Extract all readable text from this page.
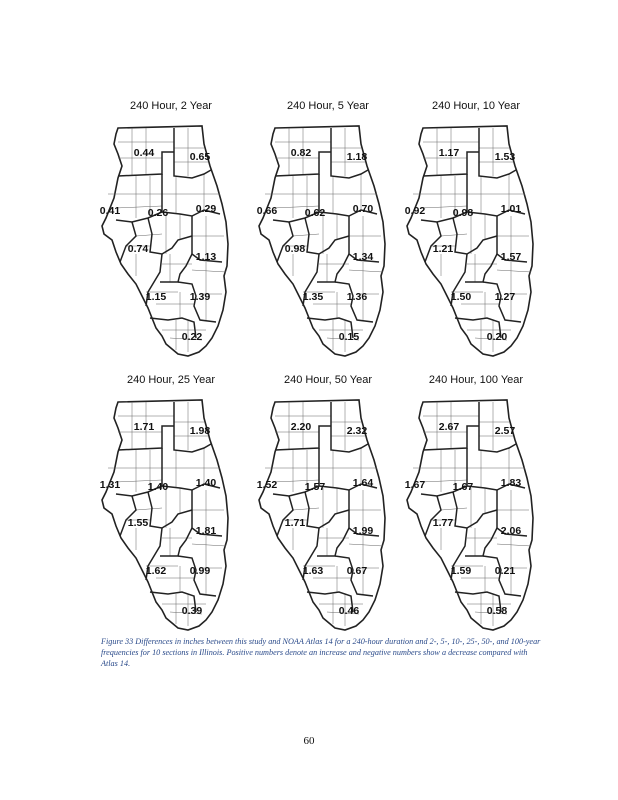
240 Hour, 2 Year
0.44	0.65
0.41	0.26	0.29
0.74
1.13
1.15 1.39
0.22
240 Hour, 5 Year
0.82	1.18
0.66	0.62	0.70
0.98
1.34
1.35 1.36
0.15
240 Hour, 10 Year
1.17	1.53
0.92	0.98	1.01
1.21
1.57
1.50 1.27
0.20
240 Hour, 25 Year
1.71	1.98
1.31	1.40	1.40
1.55
1.81
1.62 0.99
0.39
240 Hour, 50 Year
2.20	2.32
1.52	1.57	1.64
1.71
1.99
1.63 0.67
0.46
240 Hour, 100 Year
2.67	2.57
1.67	1.67	1.83
1.77
2.06
1.59 0.21
0.58
Figure 33 Differences in inches between this study and NOAA Atlas 14 for a 240-hour duration and 2-, 5-, 10-, 25-, 50-, and 100-year frequencies for 10 sections in Illinois. Positive numbers denote an increase and negative numbers show a decrease compared with Atlas 14.
60
